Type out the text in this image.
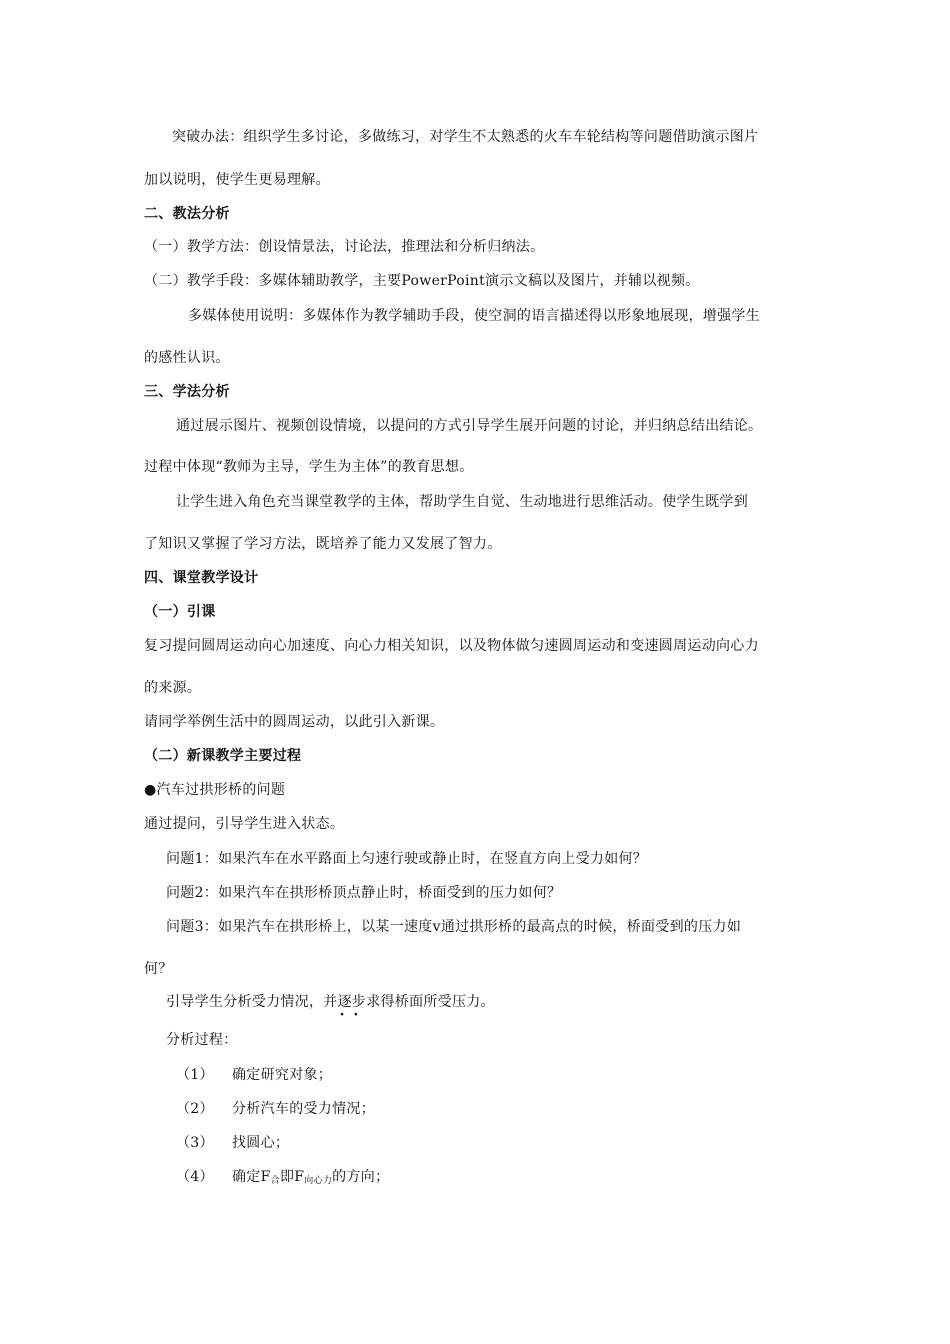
突破办法：组织学生多讨论，多做练习，对学生不太熟悉的火车车轮结构等问题借助演示图片
加以说明，使学生更易理解。
二、教法分析
（一）教学方法：创设情景法，讨论法，推理法和分析归纳法。
（二）教学手段：多媒体辅助教学，主要PowerPoint演示文稿以及图片，并辅以视频。
多媒体使用说明：多媒体作为教学辅助手段，使空洞的语言描述得以形象地展现，增强学生
的感性认识。
三、学法分析
通过展示图片、视频创设情境，以提问的方式引导学生展开问题的讨论，并归纳总结出结论。
过程中体现“教师为主导，学生为主体”的教育思想。
让学生进入角色充当课堂教学的主体，帮助学生自觉、生动地进行思维活动。使学生既学到
了知识又掌握了学习方法，既培养了能力又发展了智力。
四、课堂教学设计
（一）引课
复习提问圆周运动向心加速度、向心力相关知识，以及物体做匀速圆周运动和变速圆周运动向心力
的来源。
请同学举例生活中的圆周运动，以此引入新课。
（二）新课教学主要过程
●汽车过拱形桥的问题
通过提问，引导学生进入状态。
问题1：如果汽车在水平路面上匀速行驶或静止时，在竖直方向上受力如何？
问题2：如果汽车在拱形桥顶点静止时，桥面受到的压力如何？
问题3：如果汽车在拱形桥上，以某一速度v通过拱形桥的最高点的时候，桥面受到的压力如
何？
引导学生分析受力情况，并逐步 · ·求得桥面所受压力。
分析过程：
（1） 确定研究对象；
（2） 分析汽车的受力情况；
（3） 找圆心；
（4） 确定$F_合$即$F_{向心力}$的方向；
